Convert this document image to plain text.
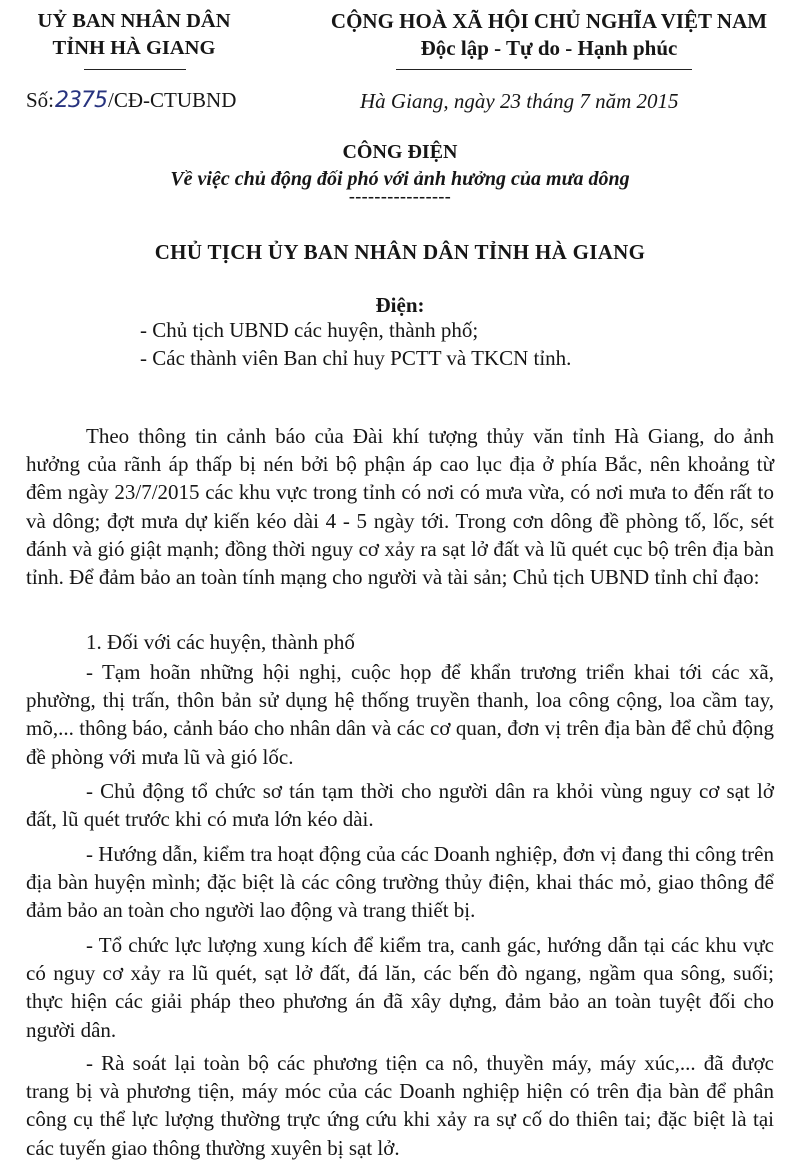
UỶ BAN NHÂN DÂN
TỈNH HÀ GIANG
CỘNG HOÀ XÃ HỘI CHỦ NGHĨA VIỆT NAM
Độc lập - Tự do - Hạnh phúc
Số: 2375 /CĐ-CTUBND	Hà Giang, ngày 23 tháng 7 năm 2015
CÔNG ĐIỆN
Về việc chủ động đối phó với ảnh hưởng của mưa dông
----------------
CHỦ TỊCH ỦY BAN NHÂN DÂN TỈNH HÀ GIANG
Điện:
- Chủ tịch UBND các huyện, thành phố;
- Các thành viên Ban chỉ huy PCTT và TKCN tỉnh.
Theo thông tin cảnh báo của Đài khí tượng thủy văn tỉnh Hà Giang, do ảnh hưởng của rãnh áp thấp bị nén bởi bộ phận áp cao lục địa ở phía Bắc, nên khoảng từ đêm ngày 23/7/2015 các khu vực trong tỉnh có nơi có mưa vừa, có nơi mưa to đến rất to và dông; đợt mưa dự kiến kéo dài 4 - 5 ngày tới. Trong cơn dông đề phòng tố, lốc, sét đánh và gió giật mạnh; đồng thời nguy cơ xảy ra sạt lở đất và lũ quét cục bộ trên địa bàn tỉnh. Để đảm bảo an toàn tính mạng cho người và tài sản; Chủ tịch UBND tỉnh chỉ đạo:
1. Đối với các huyện, thành phố
- Tạm hoãn những hội nghị, cuộc họp để khẩn trương triển khai tới các xã, phường, thị trấn, thôn bản sử dụng hệ thống truyền thanh, loa công cộng, loa cầm tay, mõ,... thông báo, cảnh báo cho nhân dân và các cơ quan, đơn vị trên địa bàn để chủ động đề phòng với mưa lũ và gió lốc.
- Chủ động tổ chức sơ tán tạm thời cho người dân ra khỏi vùng nguy cơ sạt lở đất, lũ quét trước khi có mưa lớn kéo dài.
- Hướng dẫn, kiểm tra hoạt động của các Doanh nghiệp, đơn vị đang thi công trên địa bàn huyện mình; đặc biệt là các công trường thủy điện, khai thác mỏ, giao thông để đảm bảo an toàn cho người lao động và trang thiết bị.
- Tổ chức lực lượng xung kích để kiểm tra, canh gác, hướng dẫn tại các khu vực có nguy cơ xảy ra lũ quét, sạt lở đất, đá lăn, các bến đò ngang, ngầm qua sông, suối; thực hiện các giải pháp theo phương án đã xây dựng, đảm bảo an toàn tuyệt đối cho người dân.
- Rà soát lại toàn bộ các phương tiện ca nô, thuyền máy, máy xúc,... đã được trang bị và phương tiện, máy móc của các Doanh nghiệp hiện có trên địa bàn để phân công cụ thể lực lượng thường trực ứng cứu khi xảy ra sự cố do thiên tai; đặc biệt là tại các tuyến giao thông thường xuyên bị sạt lở.
